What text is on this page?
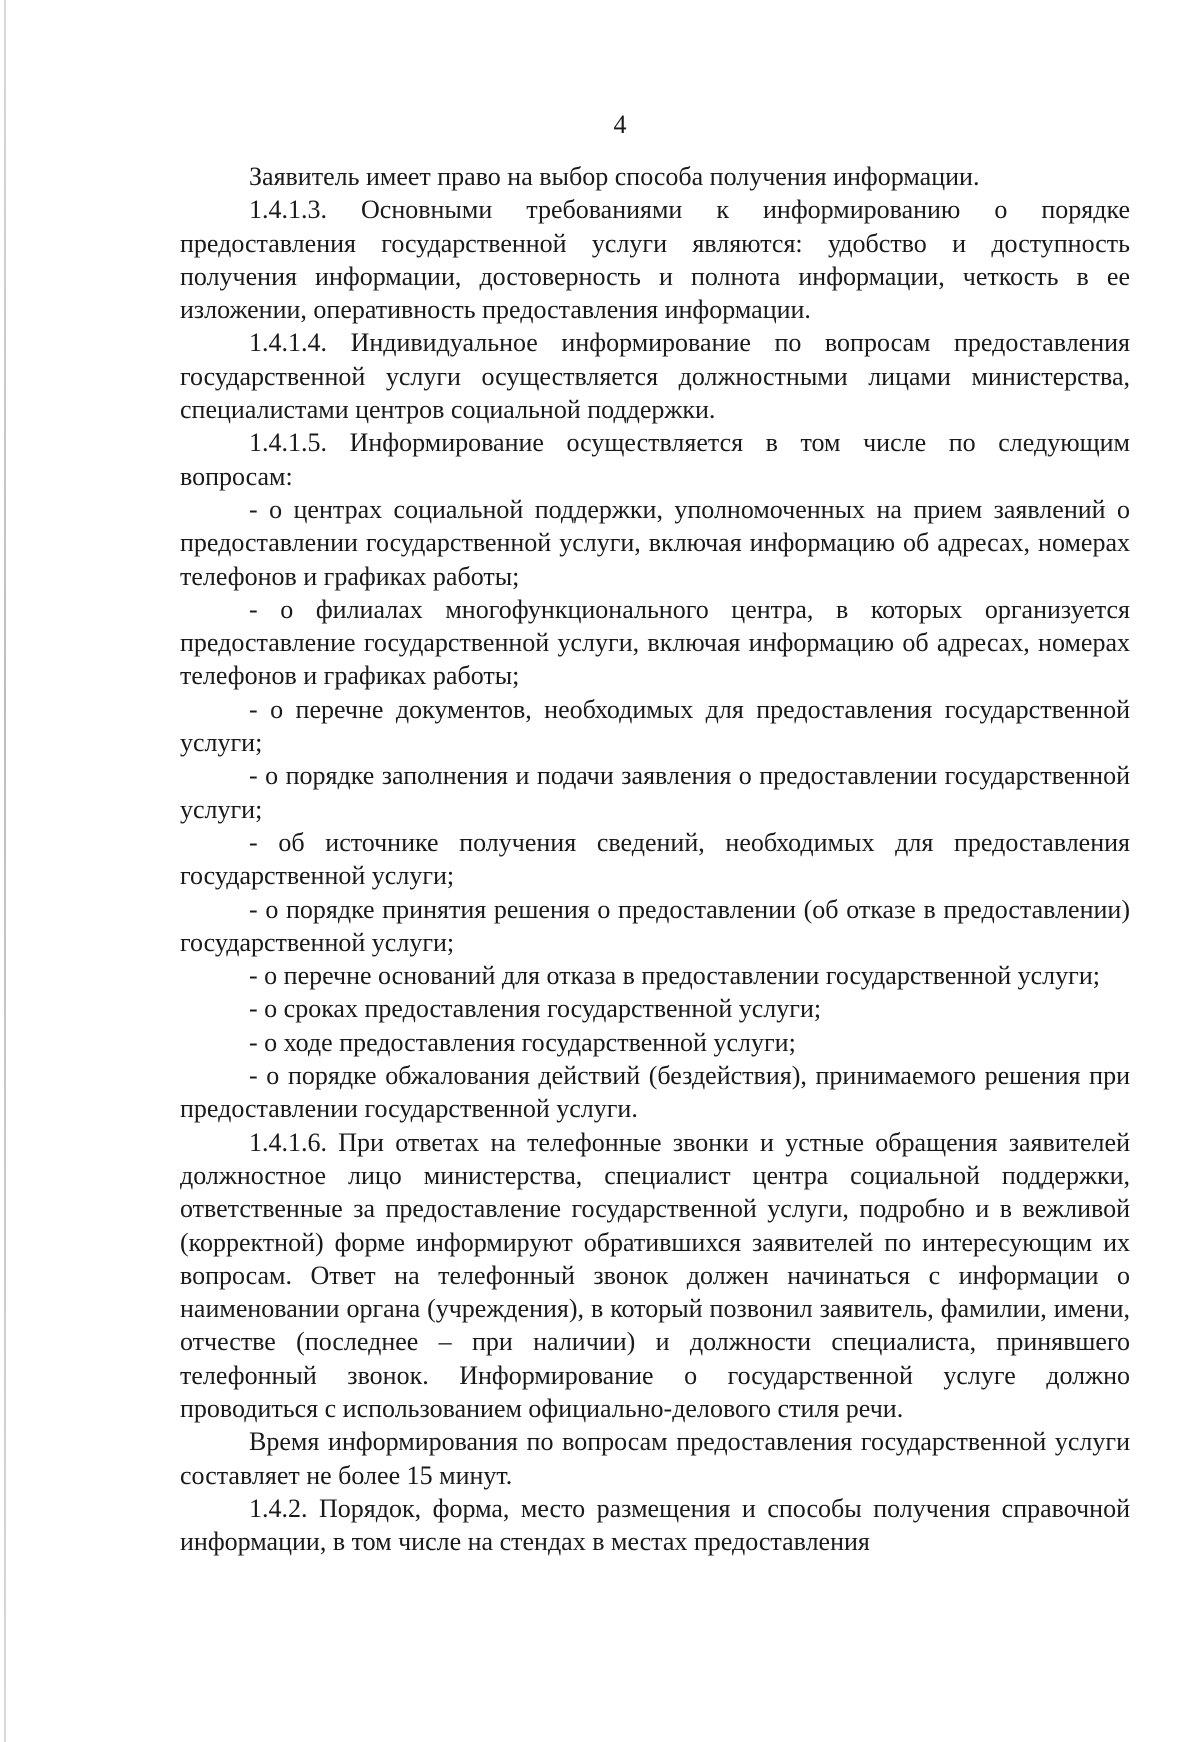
4

Заявитель имеет право на выбор способа получения информации.

1.4.1.3. Основными требованиями к информированию о порядке предоставления государственной услуги являются: удобство и доступность получения информации, достоверность и полнота информации, четкость в ее изложении, оперативность предоставления информации.

1.4.1.4. Индивидуальное информирование по вопросам предоставления государственной услуги осуществляется должностными лицами министерства, специалистами центров социальной поддержки.

1.4.1.5. Информирование осуществляется в том числе по следующим вопросам:

- о центрах социальной поддержки, уполномоченных на прием заявлений о предоставлении государственной услуги, включая информацию об адресах, номерах телефонов и графиках работы;

- о филиалах многофункционального центра, в которых организуется предоставление государственной услуги, включая информацию об адресах, номерах телефонов и графиках работы;

- о перечне документов, необходимых для предоставления государственной услуги;

- о порядке заполнения и подачи заявления о предоставлении государственной услуги;

- об источнике получения сведений, необходимых для предоставления государственной услуги;

- о порядке принятия решения о предоставлении (об отказе в предоставлении) государственной услуги;

- о перечне оснований для отказа в предоставлении государственной услуги;

- о сроках предоставления государственной услуги;

- о ходе предоставления государственной услуги;

- о порядке обжалования действий (бездействия), принимаемого решения при предоставлении государственной услуги.

1.4.1.6. При ответах на телефонные звонки и устные обращения заявителей должностное лицо министерства, специалист центра социальной поддержки, ответственные за предоставление государственной услуги, подробно и в вежливой (корректной) форме информируют обратившихся заявителей по интересующим их вопросам. Ответ на телефонный звонок должен начинаться с информации о наименовании органа (учреждения), в который позвонил заявитель, фамилии, имени, отчестве (последнее – при наличии) и должности специалиста, принявшего телефонный звонок. Информирование о государственной услуге должно проводиться с использованием официально-делового стиля речи.

Время информирования по вопросам предоставления государственной услуги составляет не более 15 минут.

1.4.2. Порядок, форма, место размещения и способы получения справочной информации, в том числе на стендах в местах предоставления
